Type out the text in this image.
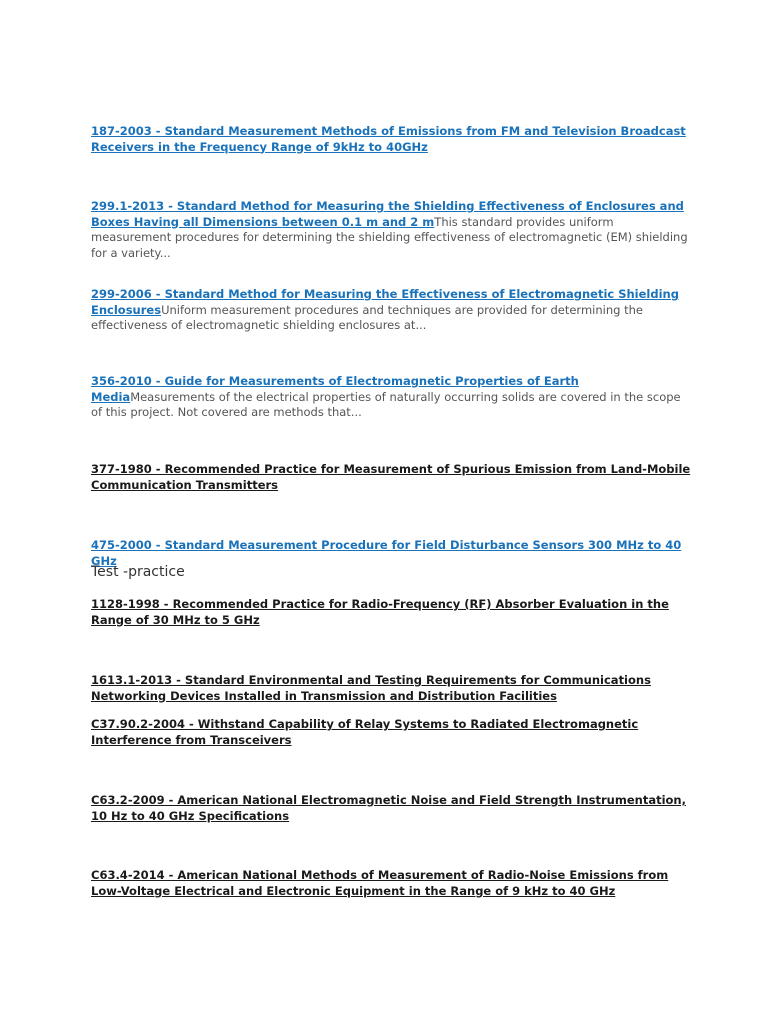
187-2003 - Standard Measurement Methods of Emissions from FM and Television Broadcast Receivers in the Frequency Range of 9kHz to 40GHz
299.1-2013 - Standard Method for Measuring the Shielding Effectiveness of Enclosures and Boxes Having all Dimensions between 0.1 m and 2 mThis standard provides uniform measurement procedures for determining the shielding effectiveness of electromagnetic (EM) shielding for a variety...
299-2006 - Standard Method for Measuring the Effectiveness of Electromagnetic Shielding EnclosuresUniform measurement procedures and techniques are provided for determining the effectiveness of electromagnetic shielding enclosures at...
356-2010 - Guide for Measurements of Electromagnetic Properties of Earth MediaMeasurements of the electrical properties of naturally occurring solids are covered in the scope of this project. Not covered are methods that...
377-1980 - Recommended Practice for Measurement of Spurious Emission from Land-Mobile Communication Transmitters
475-2000 - Standard Measurement Procedure for Field Disturbance Sensors 300 MHz to 40 GHz
Test -practice
1128-1998 - Recommended Practice for Radio-Frequency (RF) Absorber Evaluation in the Range of 30 MHz to 5 GHz
1613.1-2013 - Standard Environmental and Testing Requirements for Communications Networking Devices Installed in Transmission and Distribution Facilities
C37.90.2-2004 - Withstand Capability of Relay Systems to Radiated Electromagnetic Interference from Transceivers
C63.2-2009 - American National Electromagnetic Noise and Field Strength Instrumentation, 10 Hz to 40 GHz Specifications
C63.4-2014 - American National Methods of Measurement of Radio-Noise Emissions from Low-Voltage Electrical and Electronic Equipment in the Range of 9 kHz to 40 GHz
